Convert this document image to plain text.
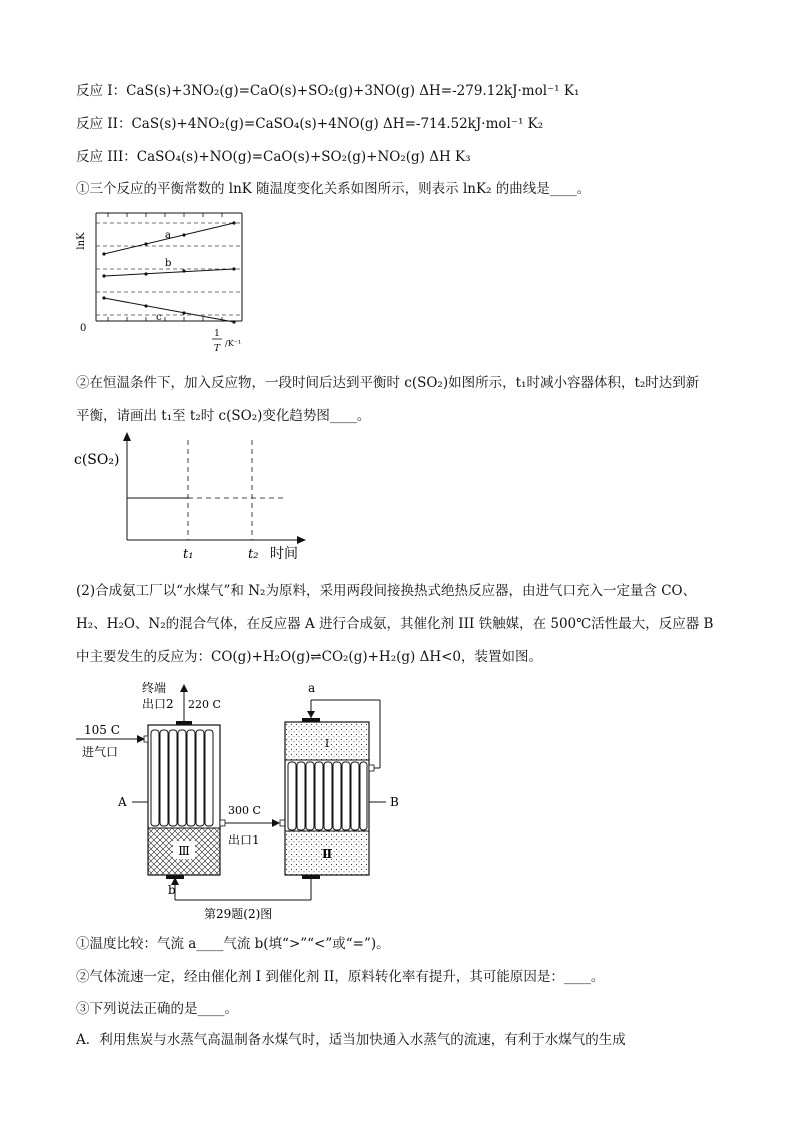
反应 I：CaS(s)+3NO₂(g)=CaO(s)+SO₂(g)+3NO(g) ΔH=-279.12kJ·mol⁻¹ K₁
反应 II：CaS(s)+4NO₂(g)=CaSO₄(s)+4NO(g) ΔH=-714.52kJ·mol⁻¹ K₂
反应 III：CaSO₄(s)+NO(g)=CaO(s)+SO₂(g)+NO₂(g) ΔH K₃
①三个反应的平衡常数的 lnK 随温度变化关系如图所示，则表示 lnK₂ 的曲线是____。
a
b
c
lnK
0	1
T
/K⁻¹
②在恒温条件下，加入反应物，一段时间后达到平衡时 c(SO₂)如图所示，t₁时减小容器体积，t₂时达到新
平衡，请画出 t₁至 t₂时 c(SO₂)变化趋势图____。
c(SO₂)
t₁	t₂ 时间
(2)合成氨工厂以“水煤气”和 N₂为原料，采用两段间接换热式绝热反应器，由进气口充入一定量含 CO、
H₂、H₂O、N₂的混合气体，在反应器 A 进行合成氨，其催化剂 III 铁触媒，在 500℃活性最大，反应器 B
中主要发生的反应为：CO(g)+H₂O(g)⇌CO₂(g)+H₂(g) ΔH<0，装置如图。
Ⅲ
终端
出口2 220 C
105 C
进气口
A
300 C
出口1
Ⅰ
Ⅱ
a
B
b
第29题(2)图
①温度比较：气流 a____气流 b(填“>”“<”或“=”)。
②气体流速一定，经由催化剂 I 到催化剂 II，原料转化率有提升，其可能原因是：____。
③下列说法正确的是____。
A．利用焦炭与水蒸气高温制备水煤气时，适当加快通入水蒸气的流速，有利于水煤气的生成
